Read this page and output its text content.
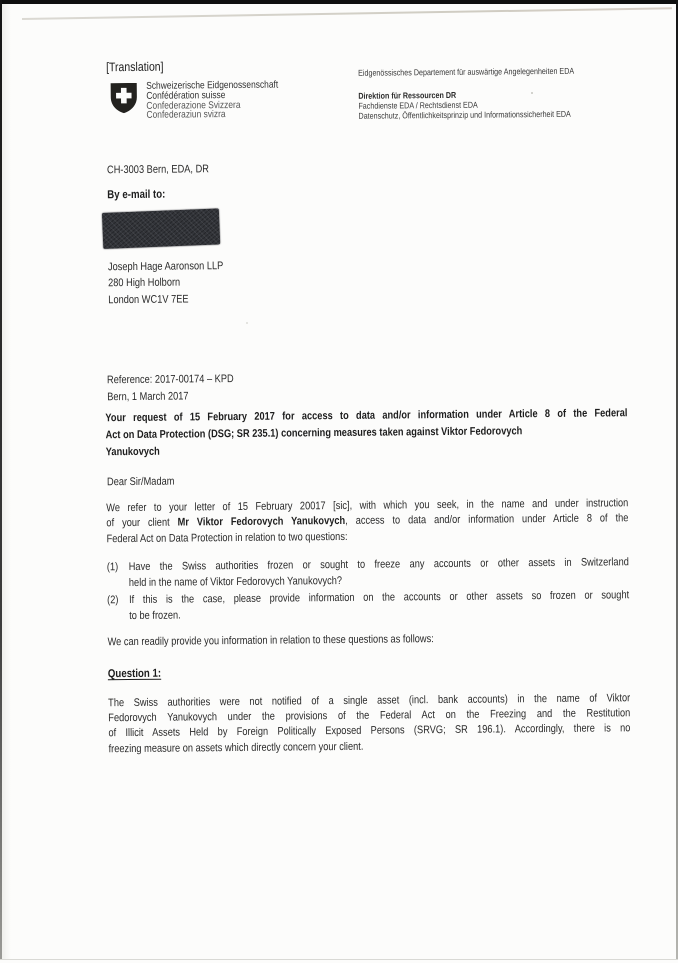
[Translation]
Schweizerische Eidgenossenschaft
Confédération suisse
Confederazione Svizzera
Confederaziun svizra
Eidgenössisches Departement für auswärtige Angelegenheiten EDA
Direktion für Ressourcen DR
Fachdienste EDA / Rechtsdienst EDA
Datenschutz, Öffentlichkeitsprinzip und Informationssicherheit EDA
CH-3003 Bern, EDA, DR
By e-mail to:
Joseph Hage Aaronson LLP
280 High Holborn
London WC1V 7EE
Reference: 2017-00174 – KPD
Bern, 1 March 2017
Your request of 15 February 2017 for access to data and/or information under Article 8 of the Federal
Act on Data Protection (DSG; SR 235.1) concerning measures taken against Viktor Fedorovych
Yanukovych
Dear Sir/Madam
We refer to your letter of 15 February 20017 [sic], with which you seek, in the name and under instruction
of your client Mr Viktor Fedorovych Yanukovych, access to data and/or information under Article 8 of the
Federal Act on Data Protection in relation to two questions:
(1) Have the Swiss authorities frozen or sought to freeze any accounts or other assets in Switzerland
held in the name of Viktor Fedorovych Yanukovych?
(2) If this is the case, please provide information on the accounts or other assets so frozen or sought
to be frozen.
We can readily provide you information in relation to these questions as follows:
Question 1:
The Swiss authorities were not notified of a single asset (incl. bank accounts) in the name of Viktor
Fedorovych Yanukovych under the provisions of the Federal Act on the Freezing and the Restitution
of Illicit Assets Held by Foreign Politically Exposed Persons (SRVG; SR 196.1). Accordingly, there is no
freezing measure on assets which directly concern your client.
